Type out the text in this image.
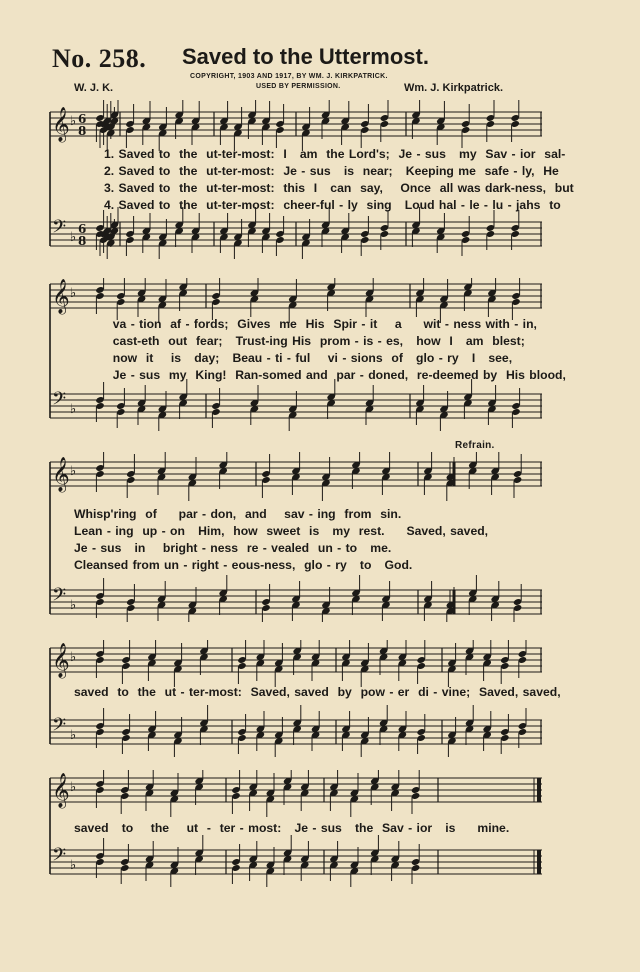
No. 258. Saved to the Uttermost.
COPYRIGHT, 1903 AND 1917, BY WM. J. KIRKPATRICK.
USED BY PERMISSION.
W. J. K.	Wm. J. Kirkpatrick.
𝄞 ♭ 6
8
𝄢 ♭
6
8
1. Saved to  the  ut-ter-most:  I   am  the Lord's;  Je - sus   my  Sav - ior  sal-
2. Saved to  the  ut-ter-most:  Je - sus   is  near;   Keeping me  safe - ly,  He
3. Saved to  the  ut-ter-most:  this  I   can  say,    Once  all was dark-ness,  but
4. Saved to  the  ut-ter-most:  cheer-ful - ly  sing   Loud hal - le - lu - jahs  to
𝄞 ♭
𝄢 ♭
va - tion  af - fords;  Gives  me  His  Spir - it    a     wit - ness with - in,
cast-eth  out  fear;   Trust-ing His  prom - is - es,   how  I   am  blest;
now  it    is   day;   Beau - ti - ful    vi - sions  of   glo - ry   I   see,
Je - sus  my  King!  Ran-somed and  par - doned,  re-deemed by  His blood,
Refrain.
𝄞 ♭
𝄢 ♭
Whisp'ring  of     par - don,  and    sav - ing  from  sin.
Lean - ing  up - on   Him,  how  sweet  is   my  rest.     Saved, saved,
Je - sus   in    bright - ness  re - vealed  un - to   me.
Cleansed from un - right - eous-ness,  glo - ry   to   God.
𝄞 ♭
𝄢 ♭
saved  to  the  ut - ter-most:  Saved, saved  by  pow - er  di - vine;  Saved, saved,
𝄞 ♭
𝄢 ♭
saved   to    the    ut  -  ter - most:   Je - sus   the  Sav - ior   is     mine.
